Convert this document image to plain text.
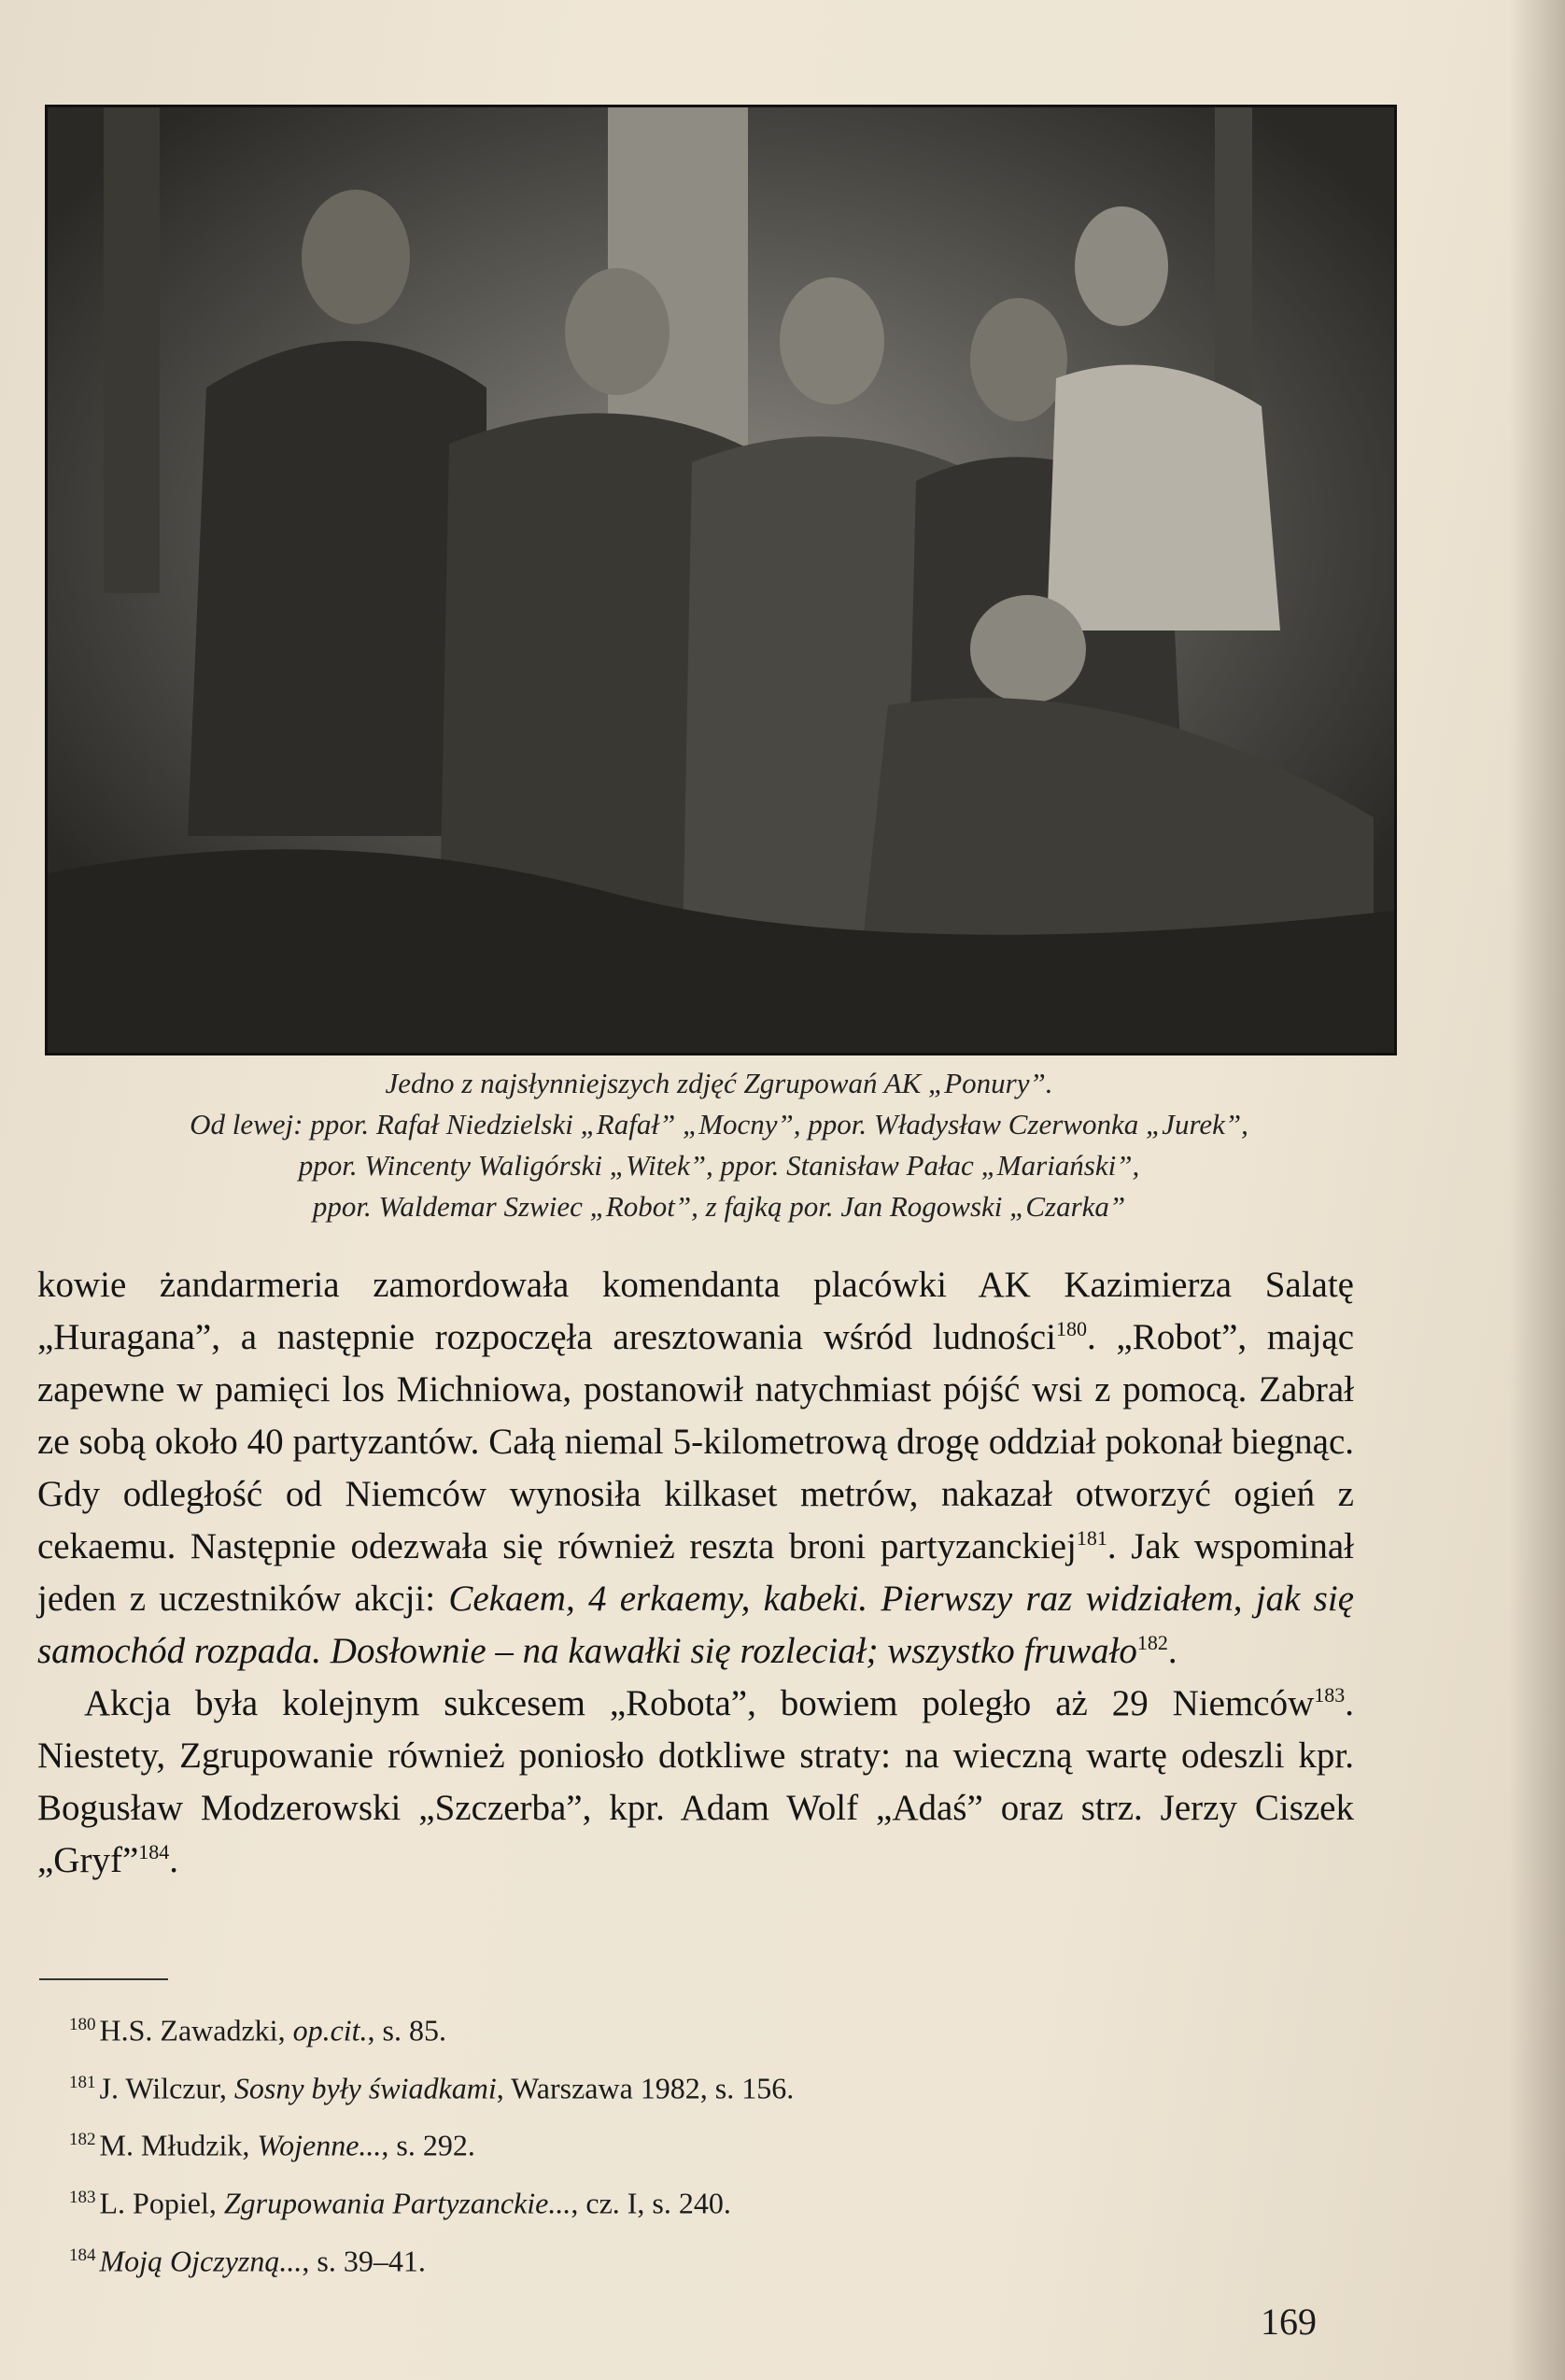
Jedno z najsłynniejszych zdjęć Zgrupowań AK „Ponury”.
Od lewej: ppor. Rafał Niedzielski „Rafał” „Mocny”, ppor. Władysław Czerwonka „Jurek”,
ppor. Wincenty Waligórski „Witek”, ppor. Stanisław Pałac „Mariański”,
ppor. Waldemar Szwiec „Robot”, z fajką por. Jan Rogowski „Czarka”

kowie żandarmeria zamordowała komendanta placówki AK Kazimierza Salatę „Huragana”, a następnie rozpoczęła aresztowania wśród ludności$^{180}$. „Robot”, mając zapewne w pamięci los Michniowa, postanowił natychmiast pójść wsi z pomocą. Zabrał ze sobą około 40 partyzantów. Całą niemal 5-kilometrową drogę oddział pokonał biegnąc. Gdy odległość od Niemców wynosiła kilkaset metrów, nakazał otworzyć ogień z cekaemu. Następnie odezwała się również reszta broni partyzanckiej$^{181}$. Jak wspominał jeden z uczestników akcji: Cekaem, 4 erkaemy, kabeki. Pierwszy raz widziałem, jak się samochód rozpada. Dosłownie – na kawałki się rozleciał; wszystko fruwało$^{182}$.

Akcja była kolejnym sukcesem „Robota”, bowiem poległo aż 29 Niemców$^{183}$. Niestety, Zgrupowanie również poniosło dotkliwe straty: na wieczną wartę odeszli kpr. Bogusław Modzerowski „Szczerba”, kpr. Adam Wolf „Adaś” oraz strz. Jerzy Ciszek „Gryf”$^{184}$.

$^{180}$ H.S. Zawadzki, op.cit., s. 85.
$^{181}$ J. Wilczur, Sosny były świadkami, Warszawa 1982, s. 156.
$^{182}$ M. Młudzik, Wojenne..., s. 292.
$^{183}$ L. Popiel, Zgrupowania Partyzanckie..., cz. I, s. 240.
$^{184}$ Moją Ojczyzną..., s. 39–41.
169
